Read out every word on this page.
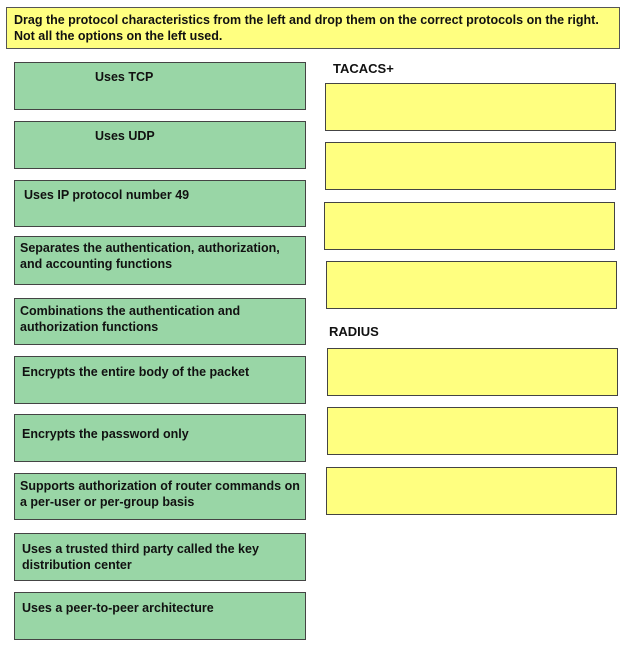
Drag the protocol characteristics from the left and drop them on the correct protocols on the right. Not all the options on the left used.
Uses TCP
Uses UDP
Uses IP protocol number 49
Separates the authentication, authorization, and accounting functions
Combinations the authentication and authorization functions
Encrypts the entire body of the packet
Encrypts the password only
Supports authorization of router commands on a per-user or per-group basis
Uses a trusted third party called the key distribution center
Uses a peer-to-peer architecture
TACACS+
RADIUS
